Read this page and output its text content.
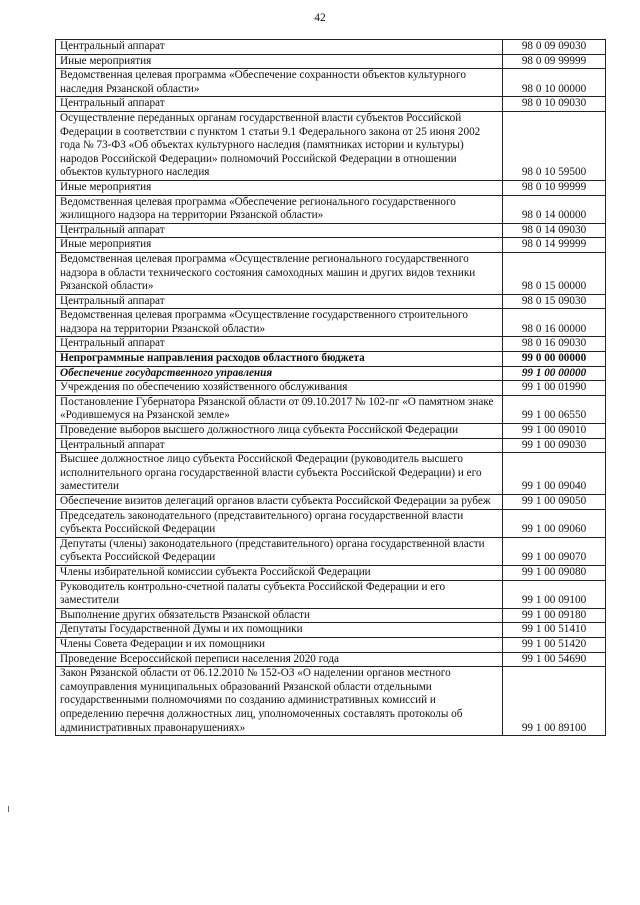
42
Центральный аппарат	98 0 09 09030
Иные мероприятия	98 0 09 99999
Ведомственная целевая программа «Обеспечение сохранности объектов культурного наследия Рязанской области»	98 0 10 00000
Центральный аппарат	98 0 10 09030
Осуществление переданных органам государственной власти субъектов Российской Федерации в соответствии с пунктом 1 статьи 9.1 Федерального закона от 25 июня 2002 года № 73-ФЗ «Об объектах культурного наследия (памятниках истории и культуры) народов Российской Федерации» полномочий Российской Федерации в отношении объектов культурного наследия	98 0 10 59500
Иные мероприятия	98 0 10 99999
Ведомственная целевая программа «Обеспечение регионального государственного жилищного надзора на территории Рязанской области»	98 0 14 00000
Центральный аппарат	98 0 14 09030
Иные мероприятия	98 0 14 99999
Ведомственная целевая программа «Осуществление регионального государственного надзора в области технического состояния самоходных машин и других видов техники Рязанской области»	98 0 15 00000
Центральный аппарат	98 0 15 09030
Ведомственная целевая программа «Осуществление государственного строительного надзора на территории Рязанской области»	98 0 16 00000
Центральный аппарат	98 0 16 09030
Непрограммные направления расходов областного бюджета	99 0 00 00000
Обеспечение государственного управления	99 1 00 00000
Учреждения по обеспечению хозяйственного обслуживания	99 1 00 01990
Постановление Губернатора Рязанской области от 09.10.2017 № 102-пг «О памятном знаке «Родившемуся на Рязанской земле»	99 1 00 06550
Проведение выборов высшего должностного лица субъекта Российской Федерации	99 1 00 09010
Центральный аппарат	99 1 00 09030
Высшее должностное лицо субъекта Российской Федерации (руководитель высшего исполнительного органа государственной власти субъекта Российской Федерации) и его заместители	99 1 00 09040
Обеспечение визитов делегаций органов власти субъекта Российской Федерации за рубеж	99 1 00 09050
Председатель законодательного (представительного) органа государственной власти субъекта Российской Федерации	99 1 00 09060
Депутаты (члены) законодательного (представительного) органа государственной власти субъекта Российской Федерации	99 1 00 09070
Члены избирательной комиссии субъекта Российской Федерации	99 1 00 09080
Руководитель контрольно-счетной палаты субъекта Российской Федерации и его заместители	99 1 00 09100
Выполнение других обязательств Рязанской области	99 1 00 09180
Депутаты Государственной Думы и их помощники	99 1 00 51410
Члены Совета Федерации и их помощники	99 1 00 51420
Проведение Всероссийской переписи населения 2020 года	99 1 00 54690
Закон Рязанской области от 06.12.2010 № 152-ОЗ «О наделении органов местного самоуправления муниципальных образований Рязанской области отдельными государственными полномочиями по созданию административных комиссий и определению перечня должностных лиц, уполномоченных составлять протоколы об административных правонарушениях»	99 1 00 89100
